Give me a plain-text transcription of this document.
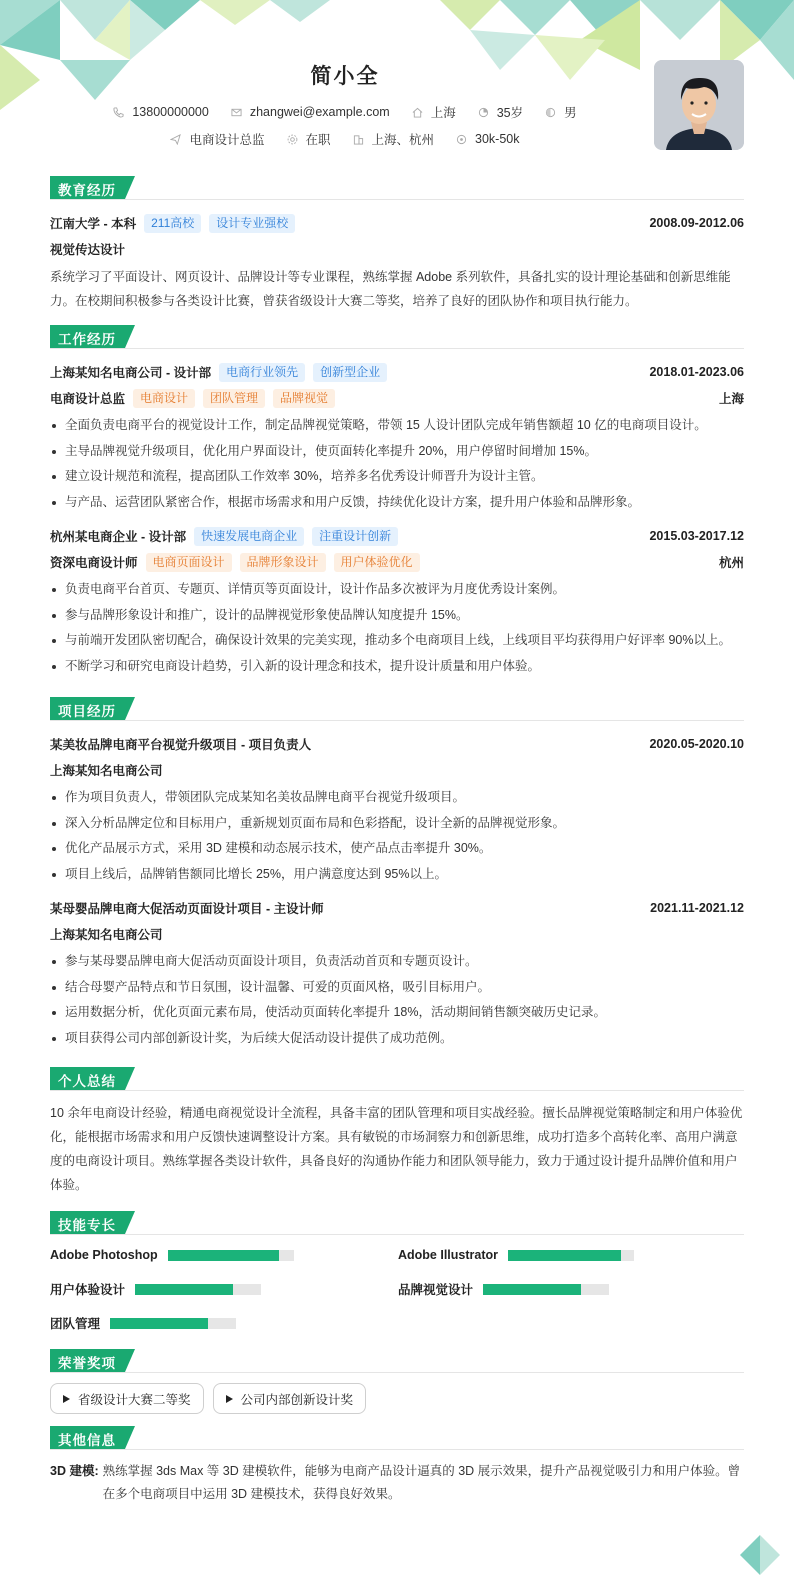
简小全
13800000000	zhangwei@example.com	上海	35岁	男
电商设计总监	在职	上海、杭州	30k-50k
教育经历
江南大学 - 本科	211高校	设计专业强校	2008.09-2012.06
视觉传达设计

系统学习了平面设计、网页设计、品牌设计等专业课程，熟练掌握 Adobe 系列软件，具备扎实的设计理论基础和创新思维能力。在校期间积极参与各类设计比赛，曾获省级设计大赛二等奖，培养了良好的团队协作和项目执行能力。

工作经历
上海某知名电商公司 - 设计部	电商行业领先	创新型企业	2018.01-2023.06
电商设计总监	电商设计	团队管理	品牌视觉	上海
全面负责电商平台的视觉设计工作，制定品牌视觉策略，带领 15 人设计团队完成年销售额超 10 亿的电商项目设计。
主导品牌视觉升级项目，优化用户界面设计，使页面转化率提升 20%，用户停留时间增加 15%。
建立设计规范和流程，提高团队工作效率 30%，培养多名优秀设计师晋升为设计主管。
与产品、运营团队紧密合作，根据市场需求和用户反馈，持续优化设计方案，提升用户体验和品牌形象。
杭州某电商企业 - 设计部	快速发展电商企业	注重设计创新	2015.03-2017.12
资深电商设计师	电商页面设计	品牌形象设计	用户体验优化	杭州
负责电商平台首页、专题页、详情页等页面设计，设计作品多次被评为月度优秀设计案例。
参与品牌形象设计和推广，设计的品牌视觉形象使品牌认知度提升 15%。
与前端开发团队密切配合，确保设计效果的完美实现，推动多个电商项目上线，上线项目平均获得用户好评率 90%以上。
不断学习和研究电商设计趋势，引入新的设计理念和技术，提升设计质量和用户体验。
项目经历
某美妆品牌电商平台视觉升级项目 - 项目负责人	2020.05-2020.10
上海某知名电商公司
作为项目负责人，带领团队完成某知名美妆品牌电商平台视觉升级项目。
深入分析品牌定位和目标用户，重新规划页面布局和色彩搭配，设计全新的品牌视觉形象。
优化产品展示方式，采用 3D 建模和动态展示技术，使产品点击率提升 30%。
项目上线后，品牌销售额同比增长 25%，用户满意度达到 95%以上。
某母婴品牌电商大促活动页面设计项目 - 主设计师	2021.11-2021.12
上海某知名电商公司
参与某母婴品牌电商大促活动页面设计项目，负责活动首页和专题页设计。
结合母婴产品特点和节日氛围，设计温馨、可爱的页面风格，吸引目标用户。
运用数据分析，优化页面元素布局，使活动页面转化率提升 18%，活动期间销售额突破历史记录。
项目获得公司内部创新设计奖，为后续大促活动设计提供了成功范例。
个人总结

10 余年电商设计经验，精通电商视觉设计全流程，具备丰富的团队管理和项目实战经验。擅长品牌视觉策略制定和用户体验优化，能根据市场需求和用户反馈快速调整设计方案。具有敏锐的市场洞察力和创新思维，成功打造多个高转化率、高用户满意度的电商设计项目。熟练掌握各类设计软件，具备良好的沟通协作能力和团队领导能力，致力于通过设计提升品牌价值和用户体验。

技能专长
Adobe Photoshop	Adobe Illustrator
用户体验设计	品牌视觉设计
团队管理
荣誉奖项
省级设计大赛二等奖	公司内部创新设计奖
其他信息
3D 建模: 熟练掌握 3ds Max 等 3D 建模软件，能够为电商产品设计逼真的 3D 展示效果，提升产品视觉吸引力和用户体验。曾在多个电商项目中运用 3D 建模技术，获得良好效果。
